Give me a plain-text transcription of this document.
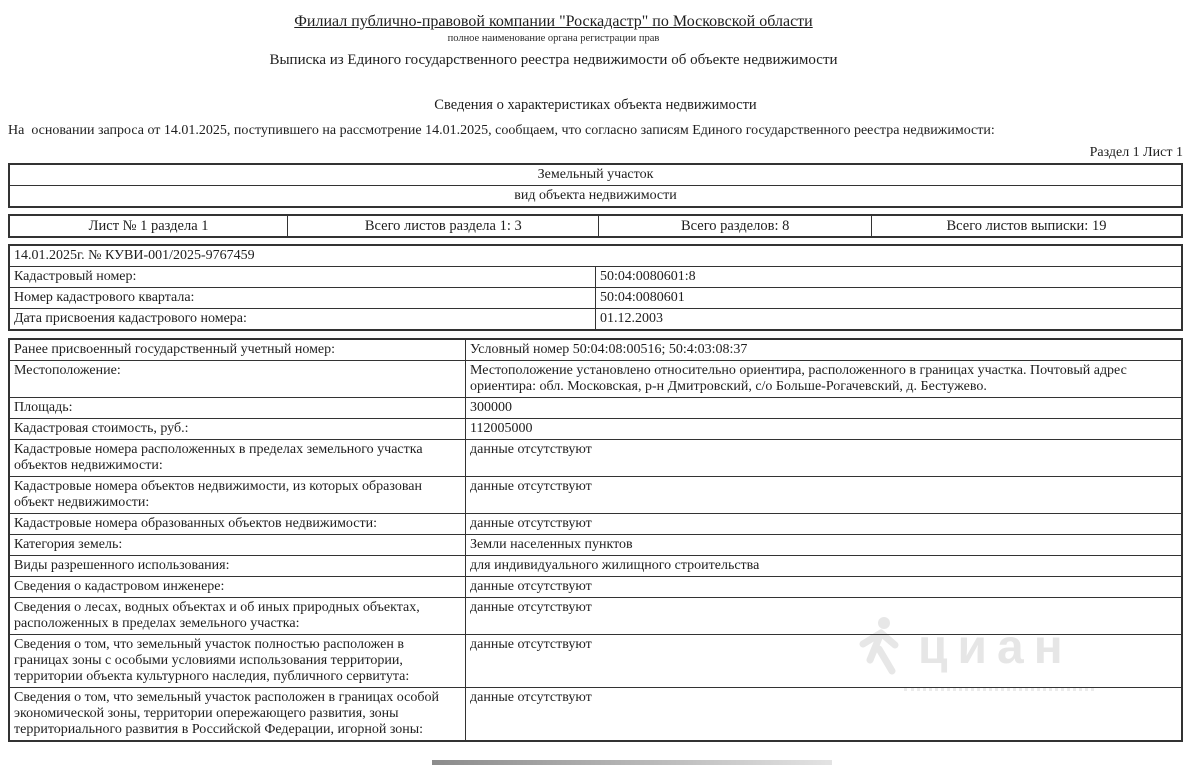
Филиал публично-правовой компании "Роскадастр" по Московской области
полное наименование органа регистрации прав
Выписка из Единого государственного реестра недвижимости об объекте недвижимости
Сведения о характеристиках объекта недвижимости
На  основании запроса от 14.01.2025, поступившего на рассмотрение 14.01.2025, сообщаем, что согласно записям Единого государственного реестра недвижимости:
Раздел 1 Лист 1
Земельный участок
вид объекта недвижимости
Лист № 1 раздела 1	Всего листов раздела 1: 3	Всего разделов: 8	Всего листов выписки: 19
14.01.2025г. № КУВИ-001/2025-9767459	
Кадастровый номер:	50:04:0080601:8
Номер кадастрового квартала:	50:04:0080601
Дата присвоения кадастрового номера:	01.12.2003
Ранее присвоенный государственный учетный номер:	Условный номер 50:04:08:00516; 50:4:03:08:37
Местоположение:	Местоположение установлено относительно ориентира, расположенного в границах участка. Почтовый адрес ориентира: обл. Московская, р-н Дмитровский, с/о Больше-Рогачевский, д. Бестужево.
Площадь:	300000
Кадастровая стоимость, руб.:	112005000
Кадастровые номера расположенных в пределах земельного участка объектов недвижимости:	данные отсутствуют
Кадастровые номера объектов недвижимости, из которых образован объект недвижимости:	данные отсутствуют
Кадастровые номера образованных объектов недвижимости:	данные отсутствуют
Категория земель:	Земли населенных пунктов
Виды разрешенного использования:	для индивидуального жилищного строительства
Сведения о кадастровом инженере:	данные отсутствуют
Сведения о лесах, водных объектах и об иных природных объектах, расположенных в пределах земельного участка:	данные отсутствуют
Сведения о том, что земельный участок полностью расположен в границах зоны с особыми условиями использования территории, территории объекта культурного наследия, публичного сервитута:	данные отсутствуют
Сведения о том, что земельный участок расположен в границах особой экономической зоны, территории опережающего развития, зоны территориального развития в Российской Федерации, игорной зоны:	данные отсутствуют
циан
